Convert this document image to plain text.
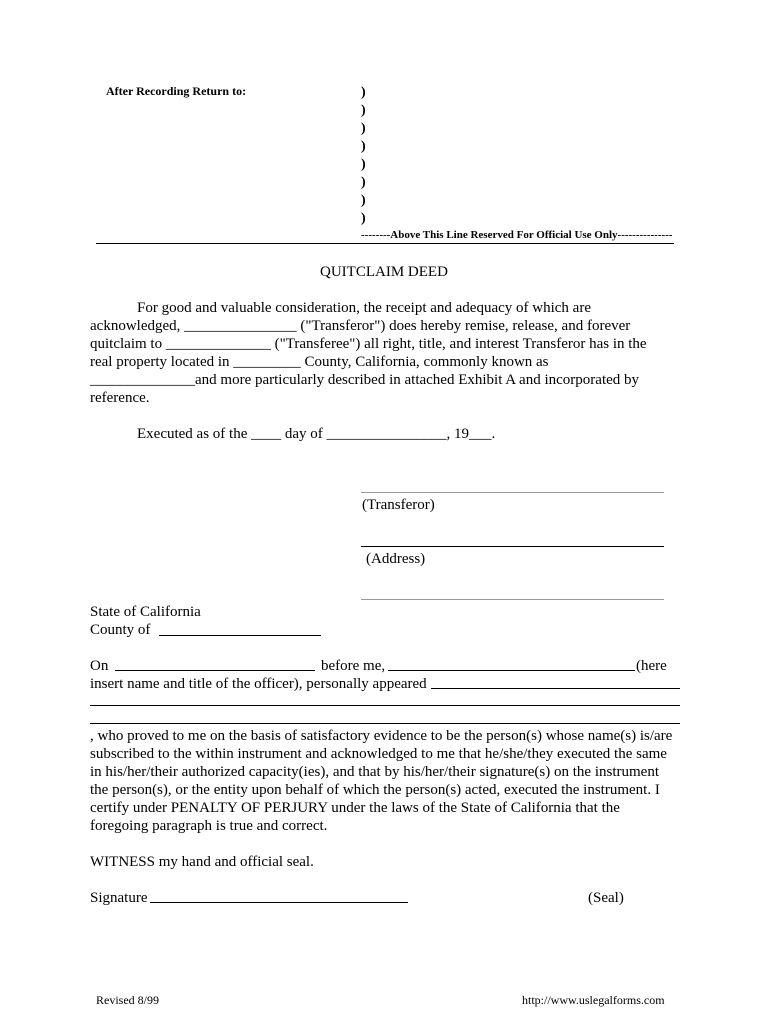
After Recording Return to:	)
)
)
)
)
)
)
)
--------Above This Line Reserved For Official Use Only---------------
QUITCLAIM DEED
For good and valuable consideration, the receipt and adequacy of which are
acknowledged, _______________ ("Transferor") does hereby remise, release, and forever
quitclaim to ______________ ("Transferee") all right, title, and interest Transferor has in the
real property located in _________ County, California, commonly known as
______________and more particularly described in attached Exhibit A and incorporated by
reference.
Executed as of the ____ day of ________________, 19___.
(Transferor)
(Address)
State of California
County of
On	before me,	(here
insert name and title of the officer), personally appeared
, who proved to me on the basis of satisfactory evidence to be the person(s) whose name(s) is/are
subscribed to the within instrument and acknowledged to me that he/she/they executed the same
in his/her/their authorized capacity(ies), and that by his/her/their signature(s) on the instrument
the person(s), or the entity upon behalf of which the person(s) acted, executed the instrument. I
certify under PENALTY OF PERJURY under the laws of the State of California that the
foregoing paragraph is true and correct.
WITNESS my hand and official seal.
Signature	(Seal)
Revised 8/99	http://www.uslegalforms.com
